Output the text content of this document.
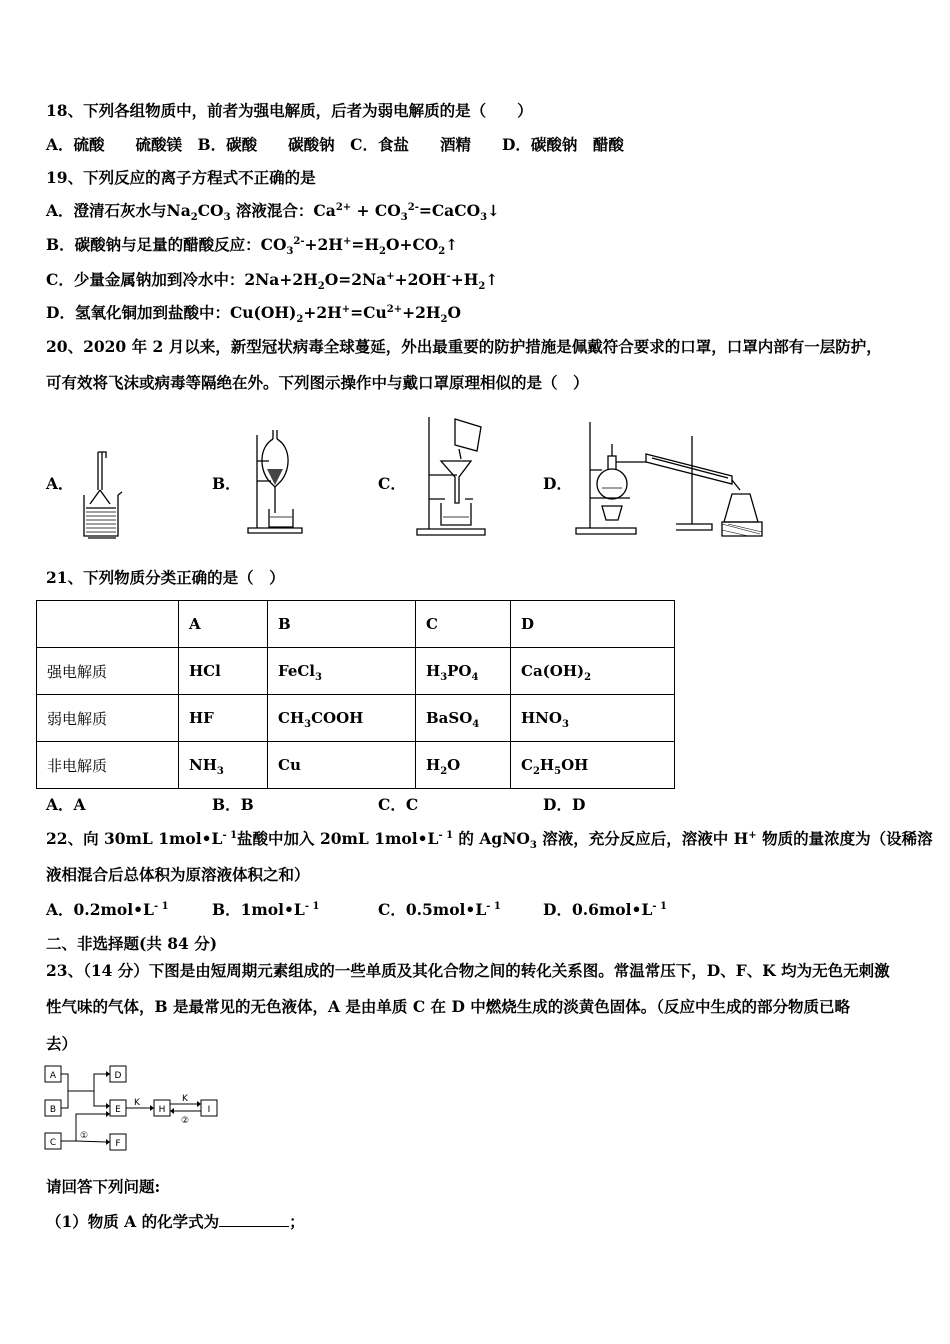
18、下列各组物质中，前者为强电解质，后者为弱电解质的是（　　）
A．硫酸　　硫酸镁　B．碳酸　　碳酸钠　C．食盐　　酒精　　D．碳酸钠　醋酸
19、下列反应的离子方程式不正确的是
A．澄清石灰水与$Na_2CO_3$ 溶液混合：$Ca^{2+}$ + $CO_3^{2-}=CaCO_3↓$
B．碳酸钠与足量的醋酸反应：$CO_3^{2-}+2H^+=H_2O+CO_2↑$
C．少量金属钠加到冷水中：$2Na+2H_2O=2Na^++2OH^-+H_2↑$
D．氢氧化铜加到盐酸中：$Cu(OH)_2+2H^+=Cu^{2+}+2H_2O$
20、2020 年 2 月以来，新型冠状病毒全球蔓延，外出最重要的防护措施是佩戴符合要求的口罩，口罩内部有一层防护，
可有效将飞沫或病毒等隔绝在外。下列图示操作中与戴口罩原理相似的是（　）
A．	B．	C．	D．
21、下列物质分类正确的是（　）
	A	B	C	D
强电解质	HCl	FeCl$_3$	$H_3PO_4$	$Ca(OH)_2$
弱电解质	HF	$CH_3COOH$	BaSO$_4$	$HNO_3$
非电解质	$NH_3$	Cu	$H_2O$	$C_2H_5OH$
A．A	B．B	C．C	D．D
22、向 30mL $1mol•L^{- 1}$盐酸中加入 20mL $1mol•L^{- 1}$ 的 AgNO$_3$ 溶液，充分反应后，溶液中 H+ 物质的量浓度为（设稀溶
液相混合后总体积为原溶液体积之和）
A．$0.2mol•L^{- 1}$	B．$1mol•L^{- 1}$	C．$0.5mol•L^{- 1}$	D．$0.6mol•L^{- 1}$
二、非选择题(共 84 分)
23、（14 分）下图是由短周期元素组成的一些单质及其化合物之间的转化关系图。常温常压下，D、F、K 均为无色无刺激
性气味的气体，B 是最常见的无色液体，A 是由单质 C 在 D 中燃烧生成的淡黄色固体。（反应中生成的部分物质已略
去）
A
B
C
D
E
F
H	I
K	K
①
②
请回答下列问题:
（1）物质 A 的化学式为	；
